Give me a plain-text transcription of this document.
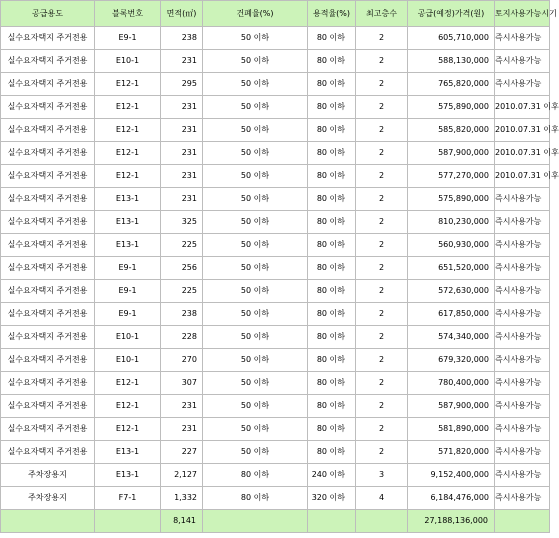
공급용도	블록번호	면적(㎡)	건폐율(%)	용적율(%)	최고층수	공급(예정)가격(원)	토지사용가능시기
실수요자택지 주거전용	E9-1	238	50 이하	80 이하	2	605,710,000	즉시사용가능
실수요자택지 주거전용	E10-1	231	50 이하	80 이하	2	588,130,000	즉시사용가능
실수요자택지 주거전용	E12-1	295	50 이하	80 이하	2	765,820,000	즉시사용가능
실수요자택지 주거전용	E12-1	231	50 이하	80 이하	2	575,890,000	2010.07.31 이후
실수요자택지 주거전용	E12-1	231	50 이하	80 이하	2	585,820,000	2010.07.31 이후
실수요자택지 주거전용	E12-1	231	50 이하	80 이하	2	587,900,000	2010.07.31 이후
실수요자택지 주거전용	E12-1	231	50 이하	80 이하	2	577,270,000	2010.07.31 이후
실수요자택지 주거전용	E13-1	231	50 이하	80 이하	2	575,890,000	즉시사용가능
실수요자택지 주거전용	E13-1	325	50 이하	80 이하	2	810,230,000	즉시사용가능
실수요자택지 주거전용	E13-1	225	50 이하	80 이하	2	560,930,000	즉시사용가능
실수요자택지 주거전용	E9-1	256	50 이하	80 이하	2	651,520,000	즉시사용가능
실수요자택지 주거전용	E9-1	225	50 이하	80 이하	2	572,630,000	즉시사용가능
실수요자택지 주거전용	E9-1	238	50 이하	80 이하	2	617,850,000	즉시사용가능
실수요자택지 주거전용	E10-1	228	50 이하	80 이하	2	574,340,000	즉시사용가능
실수요자택지 주거전용	E10-1	270	50 이하	80 이하	2	679,320,000	즉시사용가능
실수요자택지 주거전용	E12-1	307	50 이하	80 이하	2	780,400,000	즉시사용가능
실수요자택지 주거전용	E12-1	231	50 이하	80 이하	2	587,900,000	즉시사용가능
실수요자택지 주거전용	E12-1	231	50 이하	80 이하	2	581,890,000	즉시사용가능
실수요자택지 주거전용	E13-1	227	50 이하	80 이하	2	571,820,000	즉시사용가능
주차장용지	E13-1	2,127	80 이하	240 이하	3	9,152,400,000	즉시사용가능
주차장용지	F7-1	1,332	80 이하	320 이하	4	6,184,476,000	즉시사용가능
		8,141				27,188,136,000	
